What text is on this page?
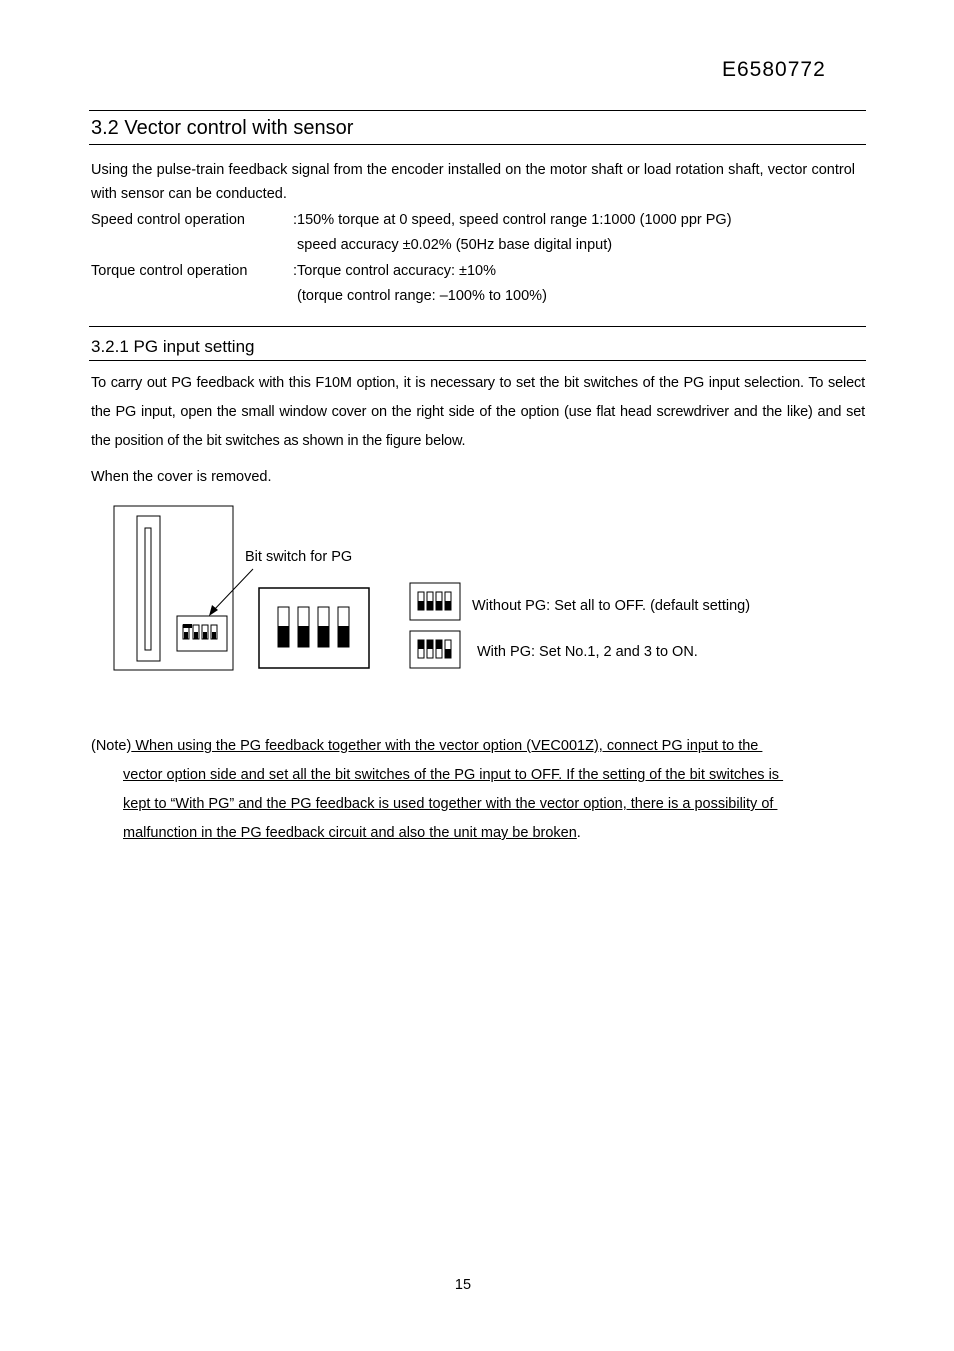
E6580772
3.2 Vector control with sensor
Using the pulse-train feedback signal from the encoder installed on the motor shaft or load rotation shaft, vector control with sensor can be conducted.
Speed control operation	:150% torque at 0 speed, speed control range 1:1000 (1000 ppr PG)
speed accuracy ±0.02% (50Hz base digital input)
Torque control operation	:Torque control accuracy: ±10%
(torque control range: –100% to 100%)
3.2.1 PG input setting
To carry out PG feedback with this F10M option, it is necessary to set the bit switches of the PG input selection. To select the PG input, open the small window cover on the right side of the option (use flat head screwdriver and the like) and set the position of the bit switches as shown in the figure below.
When the cover is removed.
Bit switch for PG
Without PG: Set all to OFF. (default setting)
With PG: Set No.1, 2 and 3 to ON.
(Note) When using the PG feedback together with the vector option (VEC001Z), connect PG input to the
vector option side and set all the bit switches of the PG input to OFF. If the setting of the bit switches is
kept to “With PG” and the PG feedback is used together with the vector option, there is a possibility of
malfunction in the PG feedback circuit and also the unit may be broken.
15
